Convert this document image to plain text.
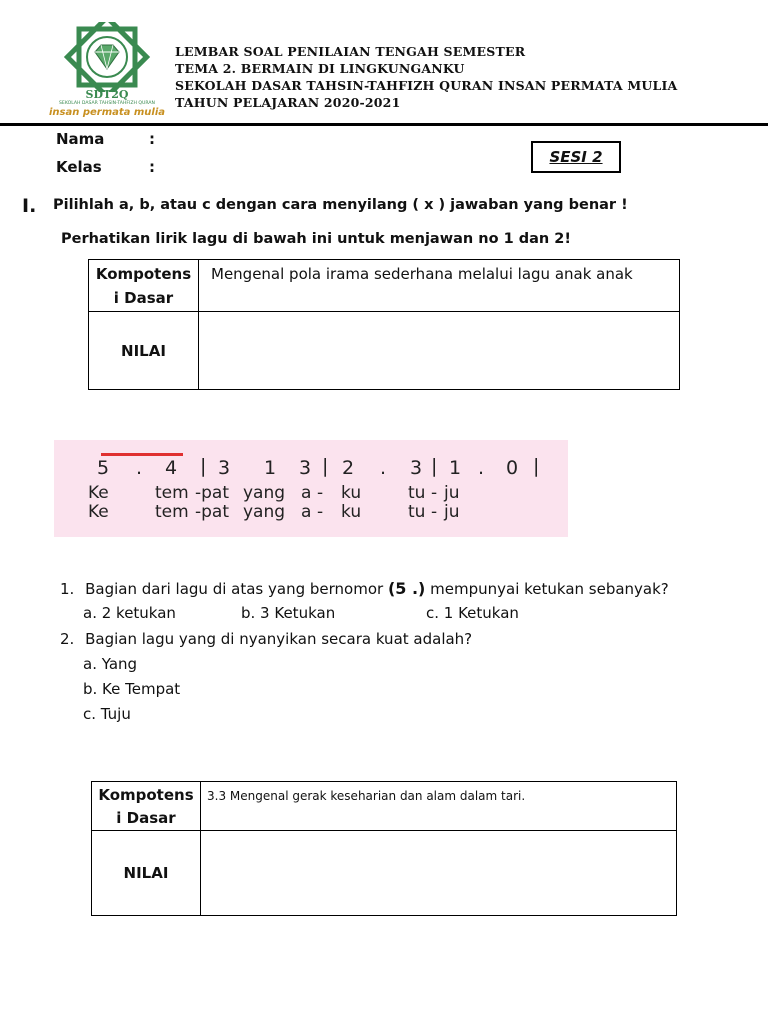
SDT2Q
SEKOLAH DASAR TAHSIN-TAHFIZH QURAN
insan permata mulia
LEMBAR SOAL PENILAIAN TENGAH SEMESTER
TEMA 2. BERMAIN DI LINGKUNGANKU
SEKOLAH DASAR TAHSIN-TAHFIZH QURAN INSAN PERMATA MULIA
TAHUN PELAJARAN 2020-2021
Nama	:
Kelas	:
SESI 2
I. Pilihlah a, b, atau c dengan cara menyilang ( x ) jawaban yang benar !
Perhatikan lirik lagu di bawah ini untuk menjawan no 1 dan 2!
Kompotens
i Dasar	Mengenal pola irama sederhana melalui lagu anak anak
NILAI	
5 . 4 | 3 1 3 | 2 . 3 | 1 . 0 |
Ke	tem -pat yang a - ku	tu - ju
Ke	tem -pat yang a - ku	tu - ju
1. Bagian dari lagu di atas yang bernomor (5 .) mempunyai ketukan sebanyak?
a. 2 ketukan	b. 3 Ketukan	c. 1 Ketukan
2. Bagian lagu yang di nyanyikan secara kuat adalah?
a. Yang
b. Ke Tempat
c. Tuju
Kompotens
i Dasar	3.3 Mengenal gerak keseharian dan alam dalam tari.
NILAI	
